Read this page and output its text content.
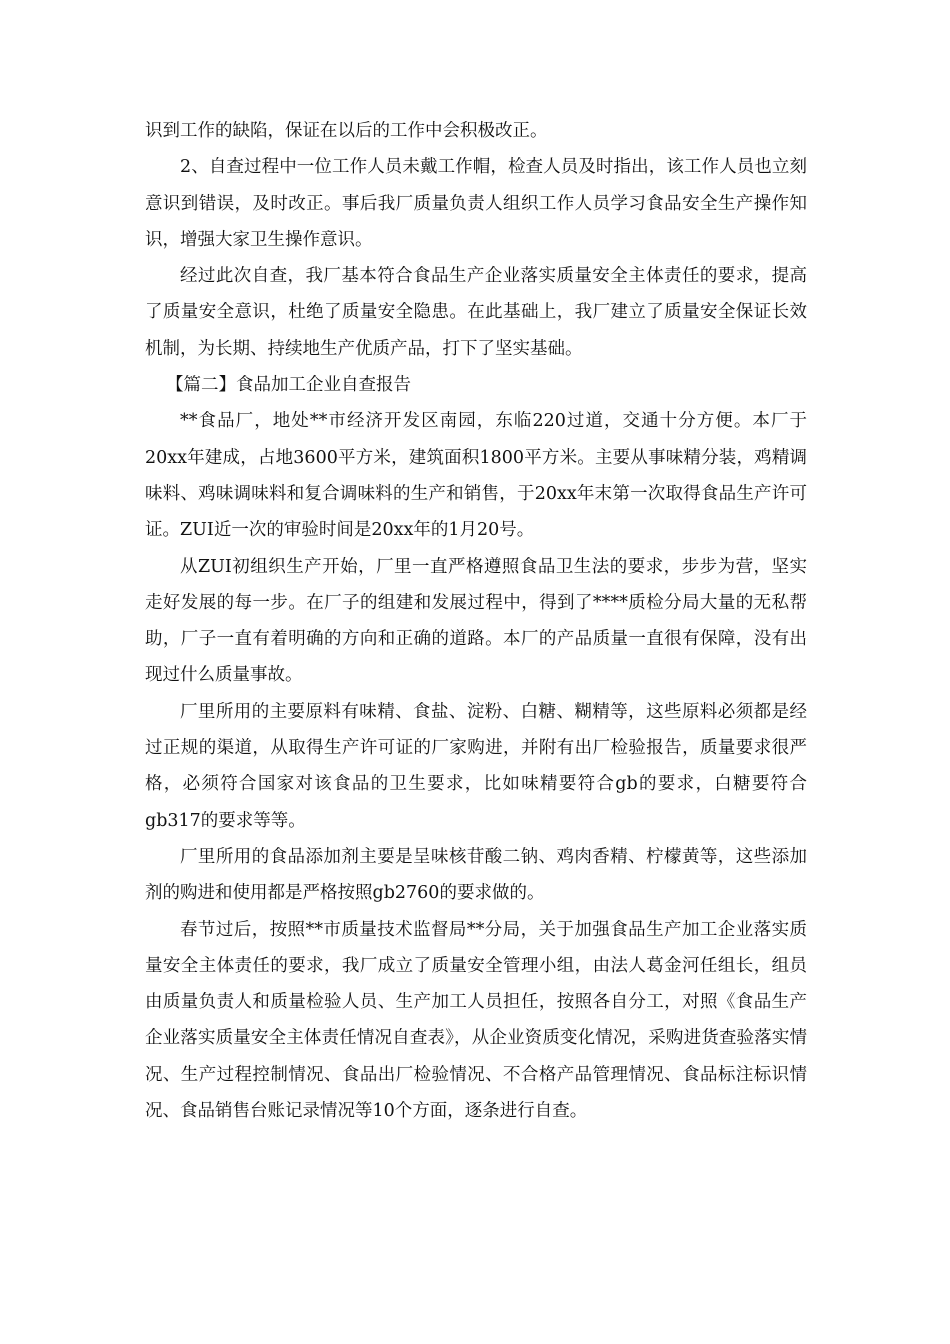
识到工作的缺陷，保证在以后的工作中会积极改正。

2、自查过程中一位工作人员未戴工作帽，检查人员及时指出，该工作人员也立刻意识到错误，及时改正。事后我厂质量负责人组织工作人员学习食品安全生产操作知识，增强大家卫生操作意识。

经过此次自查，我厂基本符合食品生产企业落实质量安全主体责任的要求，提高了质量安全意识，杜绝了质量安全隐患。在此基础上，我厂建立了质量安全保证长效机制，为长期、持续地生产优质产品，打下了坚实基础。

【篇二】食品加工企业自查报告

**食品厂，地处**市经济开发区南园，东临220过道，交通十分方便。本厂于20xx年建成，占地3600平方米，建筑面积1800平方米。主要从事味精分装，鸡精调味料、鸡味调味料和复合调味料的生产和销售，于20xx年末第一次取得食品生产许可证。ZUI近一次的审验时间是20xx年的1月20号。

从ZUI初组织生产开始，厂里一直严格遵照食品卫生法的要求，步步为营，坚实走好发展的每一步。在厂子的组建和发展过程中，得到了****质检分局大量的无私帮助，厂子一直有着明确的方向和正确的道路。本厂的产品质量一直很有保障，没有出现过什么质量事故。

厂里所用的主要原料有味精、食盐、淀粉、白糖、糊精等，这些原料必须都是经过正规的渠道，从取得生产许可证的厂家购进，并附有出厂检验报告，质量要求很严格，必须符合国家对该食品的卫生要求，比如味精要符合gb的要求，白糖要符合gb317的要求等等。

厂里所用的食品添加剂主要是呈味核苷酸二钠、鸡肉香精、柠檬黄等，这些添加剂的购进和使用都是严格按照gb2760的要求做的。

春节过后，按照**市质量技术监督局**分局，关于加强食品生产加工企业落实质量安全主体责任的要求，我厂成立了质量安全管理小组，由法人葛金河任组长，组员由质量负责人和质量检验人员、生产加工人员担任，按照各自分工，对照《食品生产企业落实质量安全主体责任情况自查表》，从企业资质变化情况，采购进货查验落实情况、生产过程控制情况、食品出厂检验情况、不合格产品管理情况、食品标注标识情况、食品销售台账记录情况等10个方面，逐条进行自查。
